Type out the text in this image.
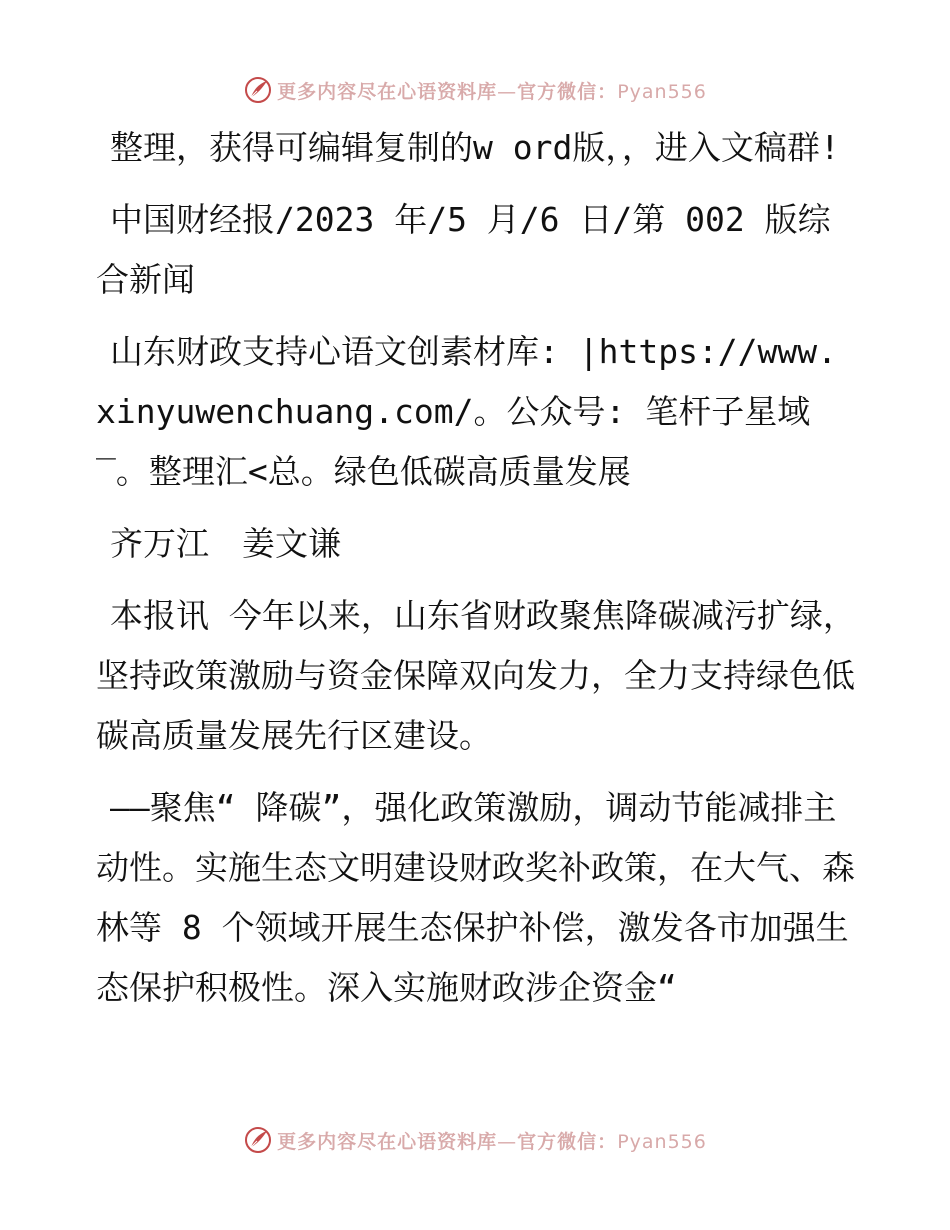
更多内容尽在心语资料库—官方微信：Pyan556

整理，获得可编辑复制的w ord版，，进入文稿群!

中国财经报/2023 年/5 月/6 日/第 002 版综合新闻

山东财政支持心语文创素材库: |https://www.xinyuwenchuang.com/。公众号: 笔杆子星域‾。整理汇<总。绿色低碳高质量发展

齐万江　姜文谦

本报讯 今年以来，山东省财政聚焦降碳减污扩绿，坚持政策激励与资金保障双向发力，全力支持绿色低碳高质量发展先行区建设。

——聚焦“ 降碳”，强化政策激励，调动节能减排主动性。实施生态文明建设财政奖补政策，在大气、森林等 8 个领域开展生态保护补偿，激发各市加强生态保护积极性。深入实施财政涉企资金“

更多内容尽在心语资料库—官方微信：Pyan556
